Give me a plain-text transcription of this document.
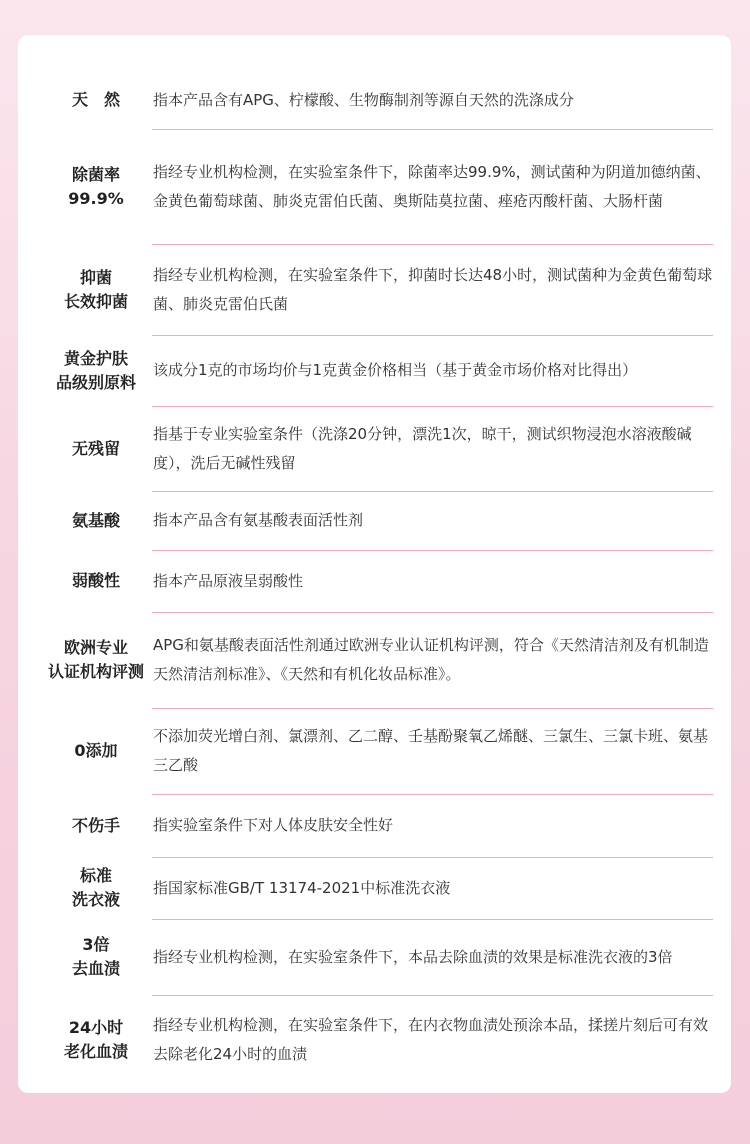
天　然 指本产品含有APG、柠檬酸、生物酶制剂等源自天然的洗涤成分
除菌率
99.9%
指经专业机构检测，在实验室条件下，除菌率达99.9%，测试菌种为阴道加德纳菌、金黄色葡萄球菌、肺炎克雷伯氏菌、奥斯陆莫拉菌、痤疮丙酸杆菌、大肠杆菌
抑菌
长效抑菌
指经专业机构检测，在实验室条件下，抑菌时长达48小时，测试菌种为金黄色葡萄球菌、肺炎克雷伯氏菌
黄金护肤
品级别原料
该成分1克的市场均价与1克黄金价格相当（基于黄金市场价格对比得出）
无残留
指基于专业实验室条件（洗涤20分钟，漂洗1次，晾干，测试织物浸泡水溶液酸碱度），洗后无碱性残留
氨基酸 指本产品含有氨基酸表面活性剂
弱酸性 指本产品原液呈弱酸性
欧洲专业
认证机构评测
APG和氨基酸表面活性剂通过欧洲专业认证机构评测，符合《天然清洁剂及有机制造天然清洁剂标准》、《天然和有机化妆品标准》。
0添加
不添加荧光增白剂、氯漂剂、乙二醇、壬基酚聚氧乙烯醚、三氯生、三氯卡班、氨基三乙酸
不伤手 指实验室条件下对人体皮肤安全性好
标准
洗衣液
指国家标准GB/T 13174-2021中标准洗衣液
3倍
去血渍
指经专业机构检测，在实验室条件下，本品去除血渍的效果是标准洗衣液的3倍
24小时
老化血渍
指经专业机构检测，在实验室条件下，在内衣物血渍处预涂本品，揉搓片刻后可有效去除老化24小时的血渍
